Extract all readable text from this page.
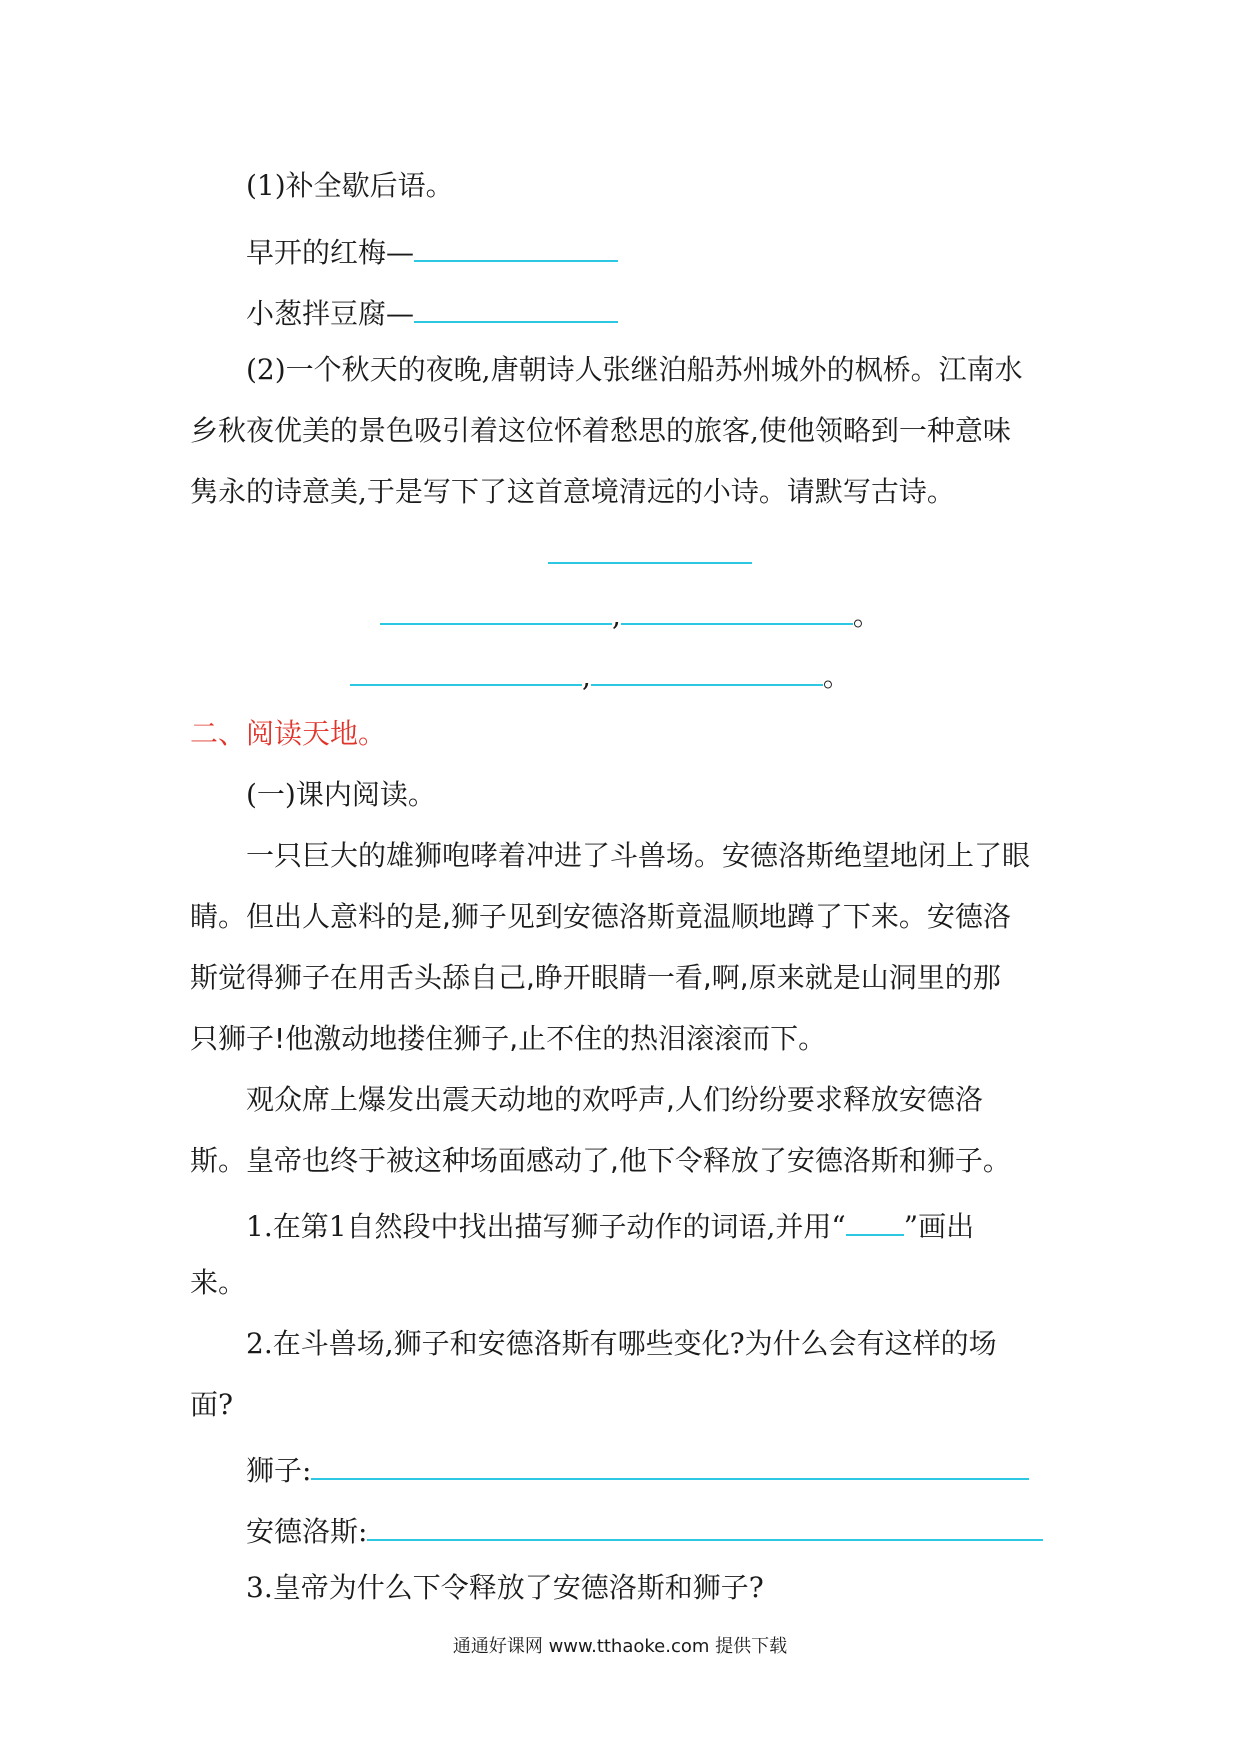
(1)补全歇后语。
早开的红梅—
小葱拌豆腐—
(2)一个秋天的夜晚,唐朝诗人张继泊船苏州城外的枫桥。江南水
乡秋夜优美的景色吸引着这位怀着愁思的旅客,使他领略到一种意味
隽永的诗意美,于是写下了这首意境清远的小诗。请默写古诗。
,	。
,	。
二、阅读天地。
(一)课内阅读。
一只巨大的雄狮咆哮着冲进了斗兽场。安德洛斯绝望地闭上了眼
睛。但出人意料的是,狮子见到安德洛斯竟温顺地蹲了下来。安德洛
斯觉得狮子在用舌头舔自己,睁开眼睛一看,啊,原来就是山洞里的那
只狮子!他激动地搂住狮子,止不住的热泪滚滚而下。
观众席上爆发出震天动地的欢呼声,人们纷纷要求释放安德洛
斯。皇帝也终于被这种场面感动了,他下令释放了安德洛斯和狮子。
1.在第1自然段中找出描写狮子动作的词语,并用“ ”画出
来。
2.在斗兽场,狮子和安德洛斯有哪些变化?为什么会有这样的场
面?
狮子:
安德洛斯:
3.皇帝为什么下令释放了安德洛斯和狮子?
通通好课网 www.tthaoke.com 提供下载
